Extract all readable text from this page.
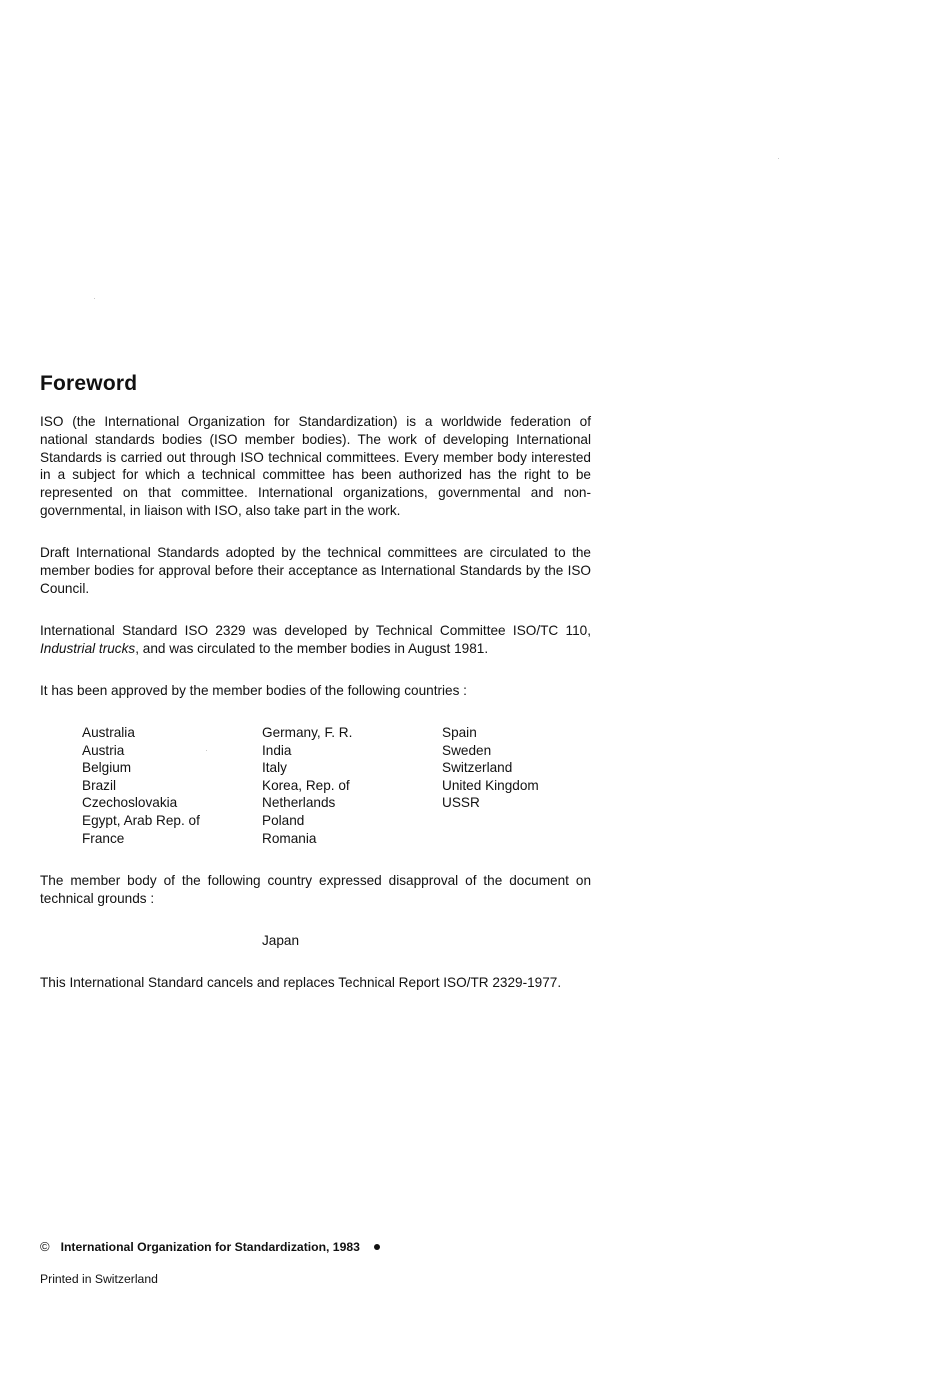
Foreword

ISO (the International Organization for Standardization) is a worldwide federation of national standards bodies (ISO member bodies). The work of developing International Standards is carried out through ISO technical committees. Every member body interested in a subject for which a technical committee has been authorized has the right to be represented on that committee. International organizations, governmental and non-governmental, in liaison with ISO, also take part in the work.

Draft International Standards adopted by the technical committees are circulated to the member bodies for approval before their acceptance as International Standards by the ISO Council.

International Standard ISO 2329 was developed by Technical Committee ISO/TC 110, Industrial trucks, and was circulated to the member bodies in August 1981.

It has been approved by the member bodies of the following countries :

Australia
Austria
Belgium
Brazil
Czechoslovakia
Egypt, Arab Rep. of
France
Germany, F. R.
India
Italy
Korea, Rep. of
Netherlands
Poland
Romania
Spain
Sweden
Switzerland
United Kingdom
USSR

The member body of the following country expressed disapproval of the document on technical grounds :

Japan

This International Standard cancels and replaces Technical Report ISO/TR 2329-1977.

© International Organization for Standardization, 1983
Printed in Switzerland
